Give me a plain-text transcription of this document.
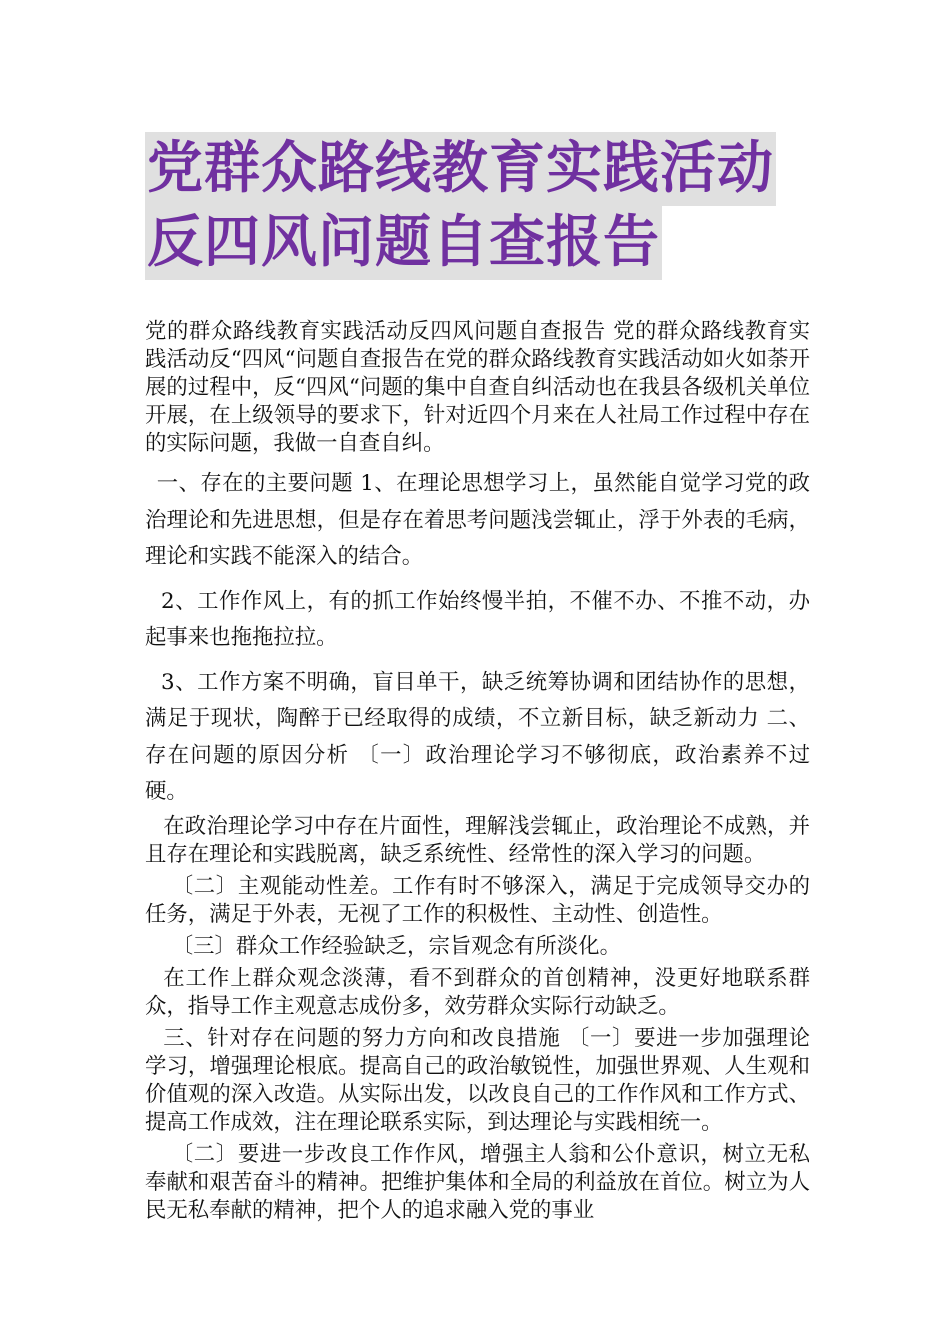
党群众路线教育实践活动
反四风问题自查报告

党的群众路线教育实践活动反四风问题自查报告 党的群众路线教育实践活动反“四风“问题自查报告在党的群众路线教育实践活动如火如荼开展的过程中，反“四风“问题的集中自查自纠活动也在我县各级机关单位开展，在上级领导的要求下，针对近四个月来在人社局工作过程中存在的实际问题，我做一自查自纠。

一、存在的主要问题 1、在理论思想学习上，虽然能自觉学习党的政治理论和先进思想，但是存在着思考问题浅尝辄止，浮于外表的毛病，理论和实践不能深入的结合。

2、工作作风上，有的抓工作始终慢半拍，不催不办、不推不动，办起事来也拖拖拉拉。

3、工作方案不明确，盲目单干，缺乏统筹协调和团结协作的思想，满足于现状，陶醉于已经取得的成绩，不立新目标，缺乏新动力 二、存在问题的原因分析 〔一〕政治理论学习不够彻底，政治素养不过硬。

在政治理论学习中存在片面性，理解浅尝辄止，政治理论不成熟，并且存在理论和实践脱离，缺乏系统性、经常性的深入学习的问题。

〔二〕主观能动性差。工作有时不够深入，满足于完成领导交办的任务，满足于外表，无视了工作的积极性、主动性、创造性。

〔三〕群众工作经验缺乏，宗旨观念有所淡化。

在工作上群众观念淡薄，看不到群众的首创精神，没更好地联系群众，指导工作主观意志成份多，效劳群众实际行动缺乏。

三、针对存在问题的努力方向和改良措施 〔一〕要进一步加强理论学习，增强理论根底。提高自己的政治敏锐性，加强世界观、人生观和价值观的深入改造。从实际出发，以改良自己的工作作风和工作方式、提高工作成效，注在理论联系实际，到达理论与实践相统一。

〔二〕要进一步改良工作作风，增强主人翁和公仆意识，树立无私奉献和艰苦奋斗的精神。把维护集体和全局的利益放在首位。树立为人民无私奉献的精神，把个人的追求融入党的事业
